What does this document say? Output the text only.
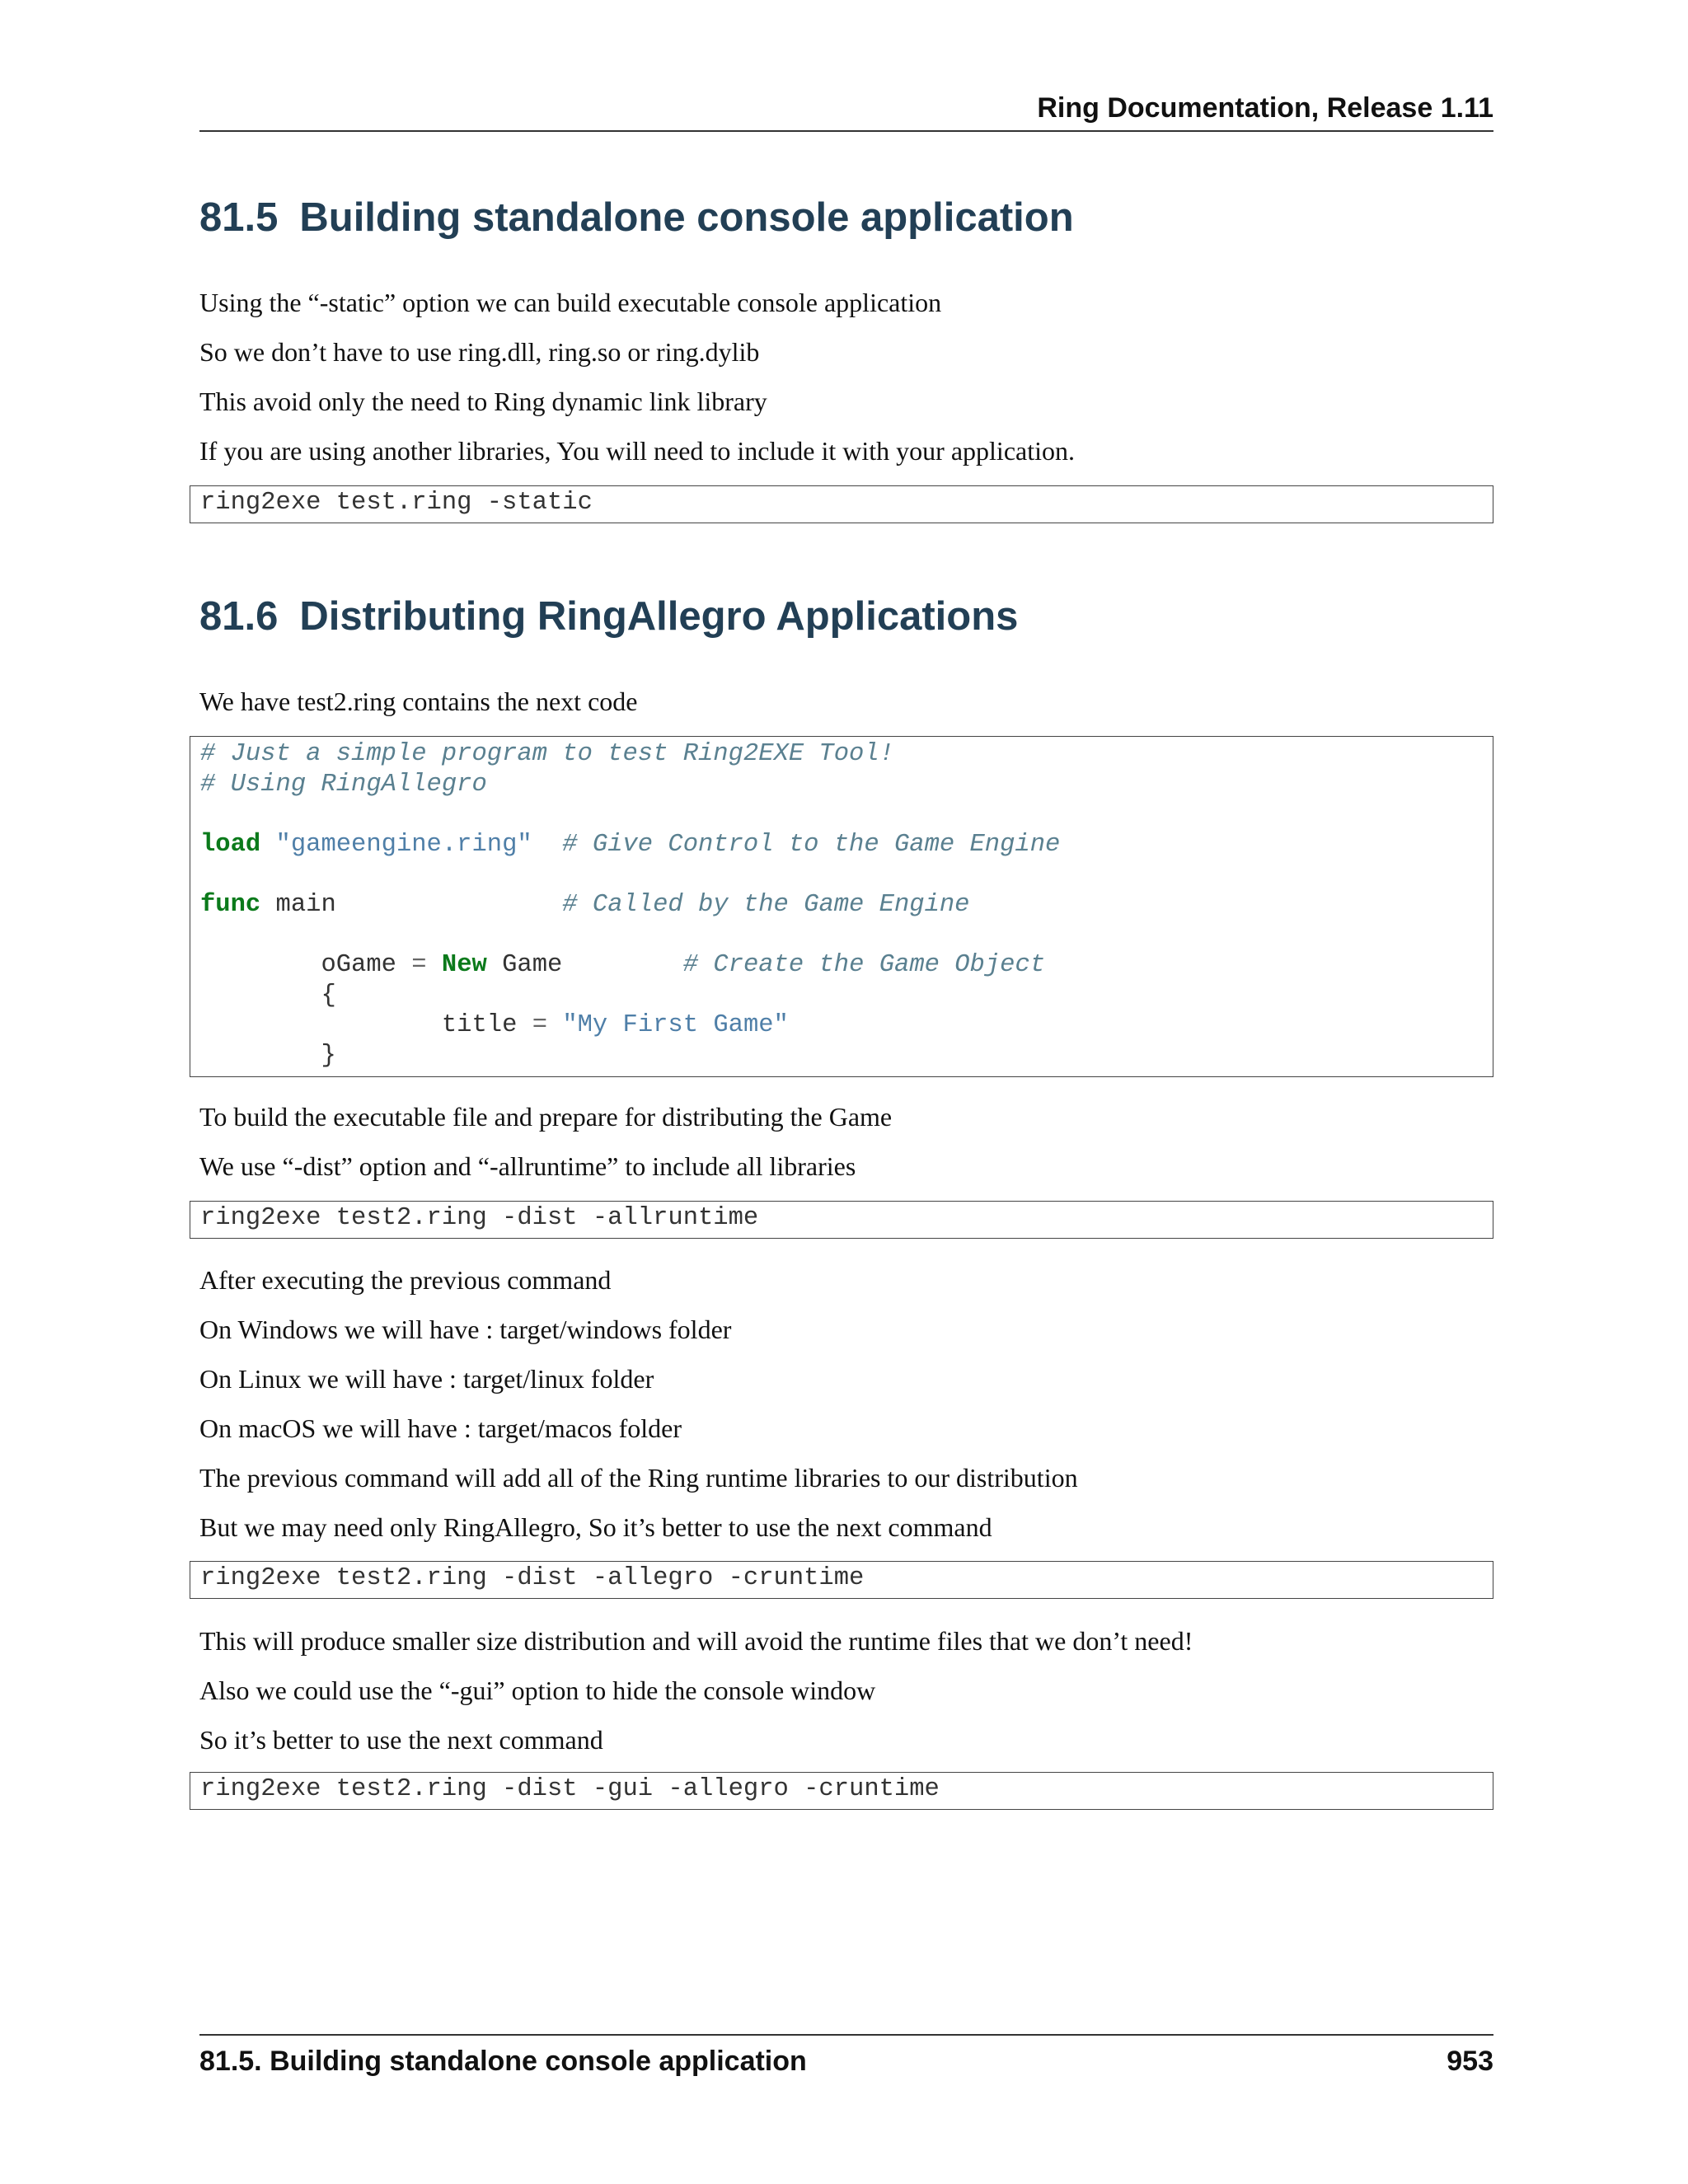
Ring Documentation, Release 1.11
81.5 Building standalone console application

Using the “-static” option we can build executable console application

So we don’t have to use ring.dll, ring.so or ring.dylib

This avoid only the need to Ring dynamic link library

If you are using another libraries, You will need to include it with your application.

ring2exe test.ring -static
81.6 Distributing RingAllegro Applications

We have test2.ring contains the next code

# Just a simple program to test Ring2EXE Tool!
# Using RingAllegro

load "gameengine.ring" # Give Control to the Game Engine

func main	# Called by the Game Engine

oGame = New Game	# Create the Game Object
{
title = "My First Game"
}

To build the executable file and prepare for distributing the Game

We use “-dist” option and “-allruntime” to include all libraries

ring2exe test2.ring -dist -allruntime

After executing the previous command

On Windows we will have : target/windows folder

On Linux we will have : target/linux folder

On macOS we will have : target/macos folder

The previous command will add all of the Ring runtime libraries to our distribution

But we may need only RingAllegro, So it’s better to use the next command

ring2exe test2.ring -dist -allegro -cruntime

This will produce smaller size distribution and will avoid the runtime files that we don’t need!

Also we could use the “-gui” option to hide the console window

So it’s better to use the next command

ring2exe test2.ring -dist -gui -allegro -cruntime
81.5. Building standalone console application	953
